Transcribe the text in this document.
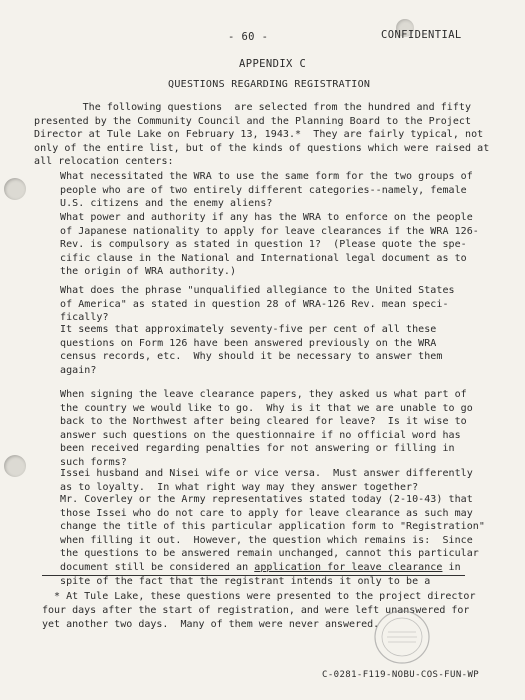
- 60 -	CONFIDENTIAL
APPENDIX C
QUESTIONS REGARDING REGISTRATION

The following questions  are selected from the hundred and fifty
presented by the Community Council and the Planning Board to the Project
Director at Tule Lake on February 13, 1943.*  They are fairly typical, not
only of the entire list, but of the kinds of questions which were raised at
all relocation centers:

What necessitated the WRA to use the same form for the two groups of
people who are of two entirely different categories--namely, female
U.S. citizens and the enemy aliens?

What power and authority if any has the WRA to enforce on the people
of Japanese nationality to apply for leave clearances if the WRA 126-
Rev. is compulsory as stated in question 1?  (Please quote the spe-
cific clause in the National and International legal document as to
the origin of WRA authority.)

What does the phrase "unqualified allegiance to the United States
of America" as stated in question 28 of WRA-126 Rev. mean speci-
fically?

It seems that approximately seventy-five per cent of all these
questions on Form 126 have been answered previously on the WRA
census records, etc.  Why should it be necessary to answer them
again?

When signing the leave clearance papers, they asked us what part of
the country we would like to go.  Why is it that we are unable to go
back to the Northwest after being cleared for leave?  Is it wise to
answer such questions on the questionnaire if no official word has
been received regarding penalties for not answering or filling in
such forms?

Issei husband and Nisei wife or vice versa.  Must answer differently
as to loyalty.  In what right way may they answer together?

Mr. Coverley or the Army representatives stated today (2-10-43) that
those Issei who do not care to apply for leave clearance as such may
change the title of this particular application form to "Registration"
when filling it out.  However, the question which remains is:  Since
the questions to be answered remain unchanged, cannot this particular
document still be considered an application for leave clearance in
spite of the fact that the registrant intends it only to be a

* At Tule Lake, these questions were presented to the project director
four days after the start of registration, and were left unanswered for
yet another two days.  Many of them were never answered.

C-0281-F119-NOBU-COS-FUN-WP
